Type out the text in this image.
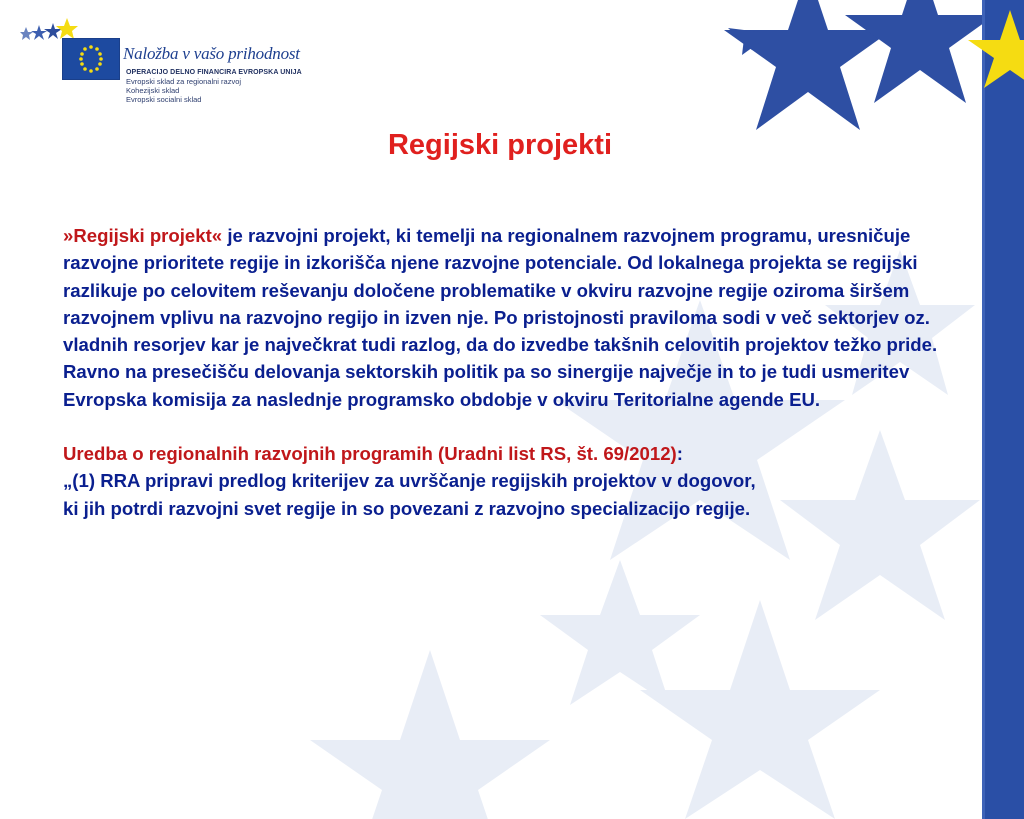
Naložba v vašo prihodnost
OPERACIJO DELNO FINANCIRA EVROPSKA UNIJA
Evropski sklad za regionalni razvoj
Kohezijski sklad
Evropski socialni sklad
Regijski projekti

»Regijski projekt« je razvojni projekt, ki temelji na regionalnem razvojnem programu, uresničuje razvojne prioritete regije in izkorišča njene razvojne potenciale. Od lokalnega projekta se regijski razlikuje po celovitem reševanju določene problematike v okviru razvojne regije oziroma širšem razvojnem vplivu na razvojno regijo in izven nje. Po pristojnosti praviloma sodi v več sektorjev oz. vladnih resorjev kar je največkrat tudi razlog, da do izvedbe takšnih celovitih projektov težko pride. Ravno na presečišču delovanja sektorskih politik pa so sinergije največje in to je tudi usmeritev Evropska komisija za naslednje programsko obdobje v okviru Teritorialne agende EU.

Uredba o regionalnih razvojnih programih (Uradni list RS, št. 69/2012):
„(1) RRA pripravi predlog kriterijev za uvrščanje regijskih projektov v dogovor,
ki jih potrdi razvojni svet regije in so povezani z razvojno specializacijo regije.
